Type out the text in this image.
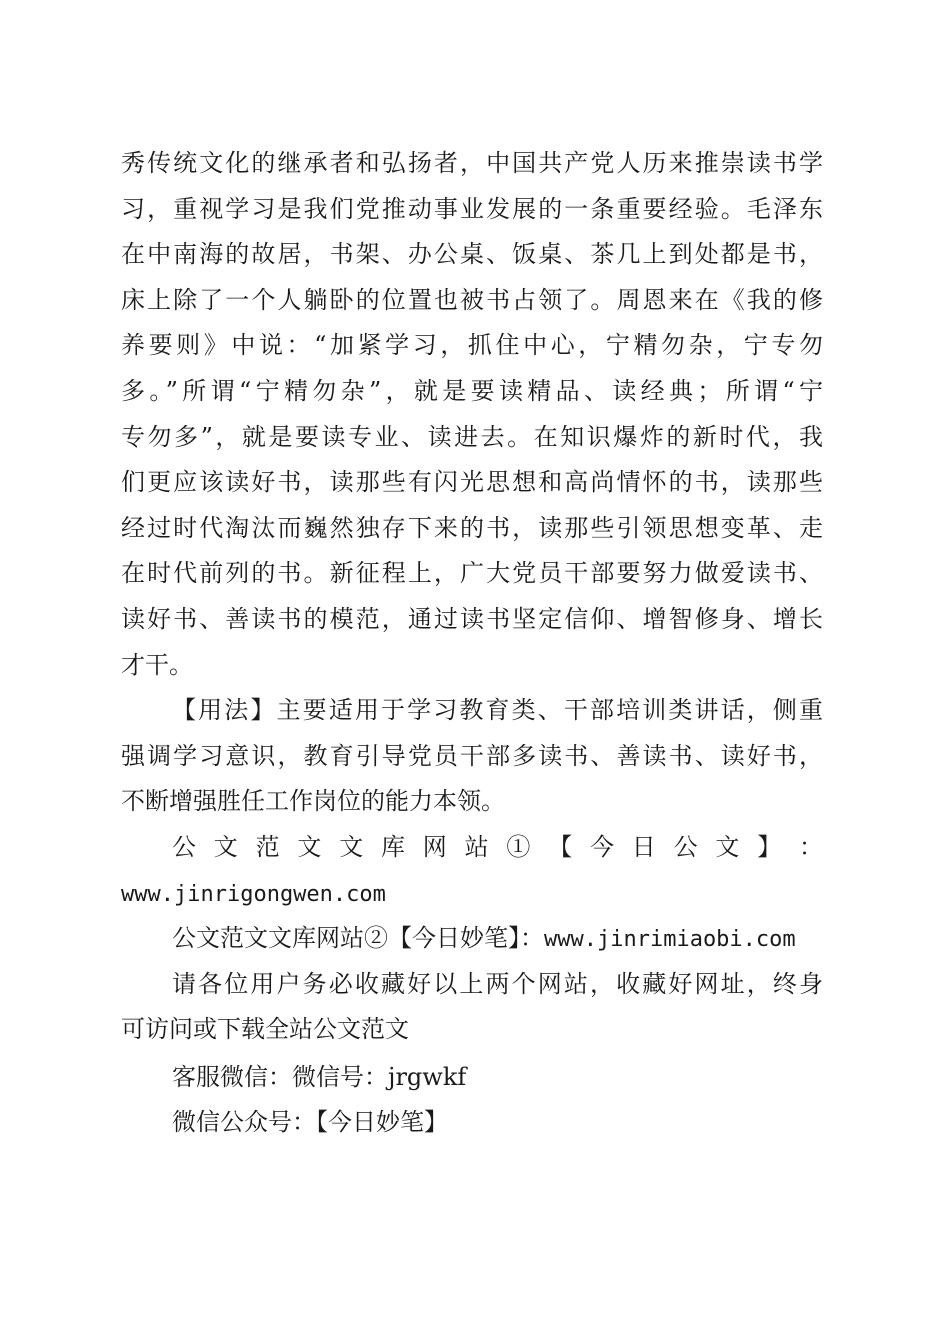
秀传统文化的继承者和弘扬者，中国共产党人历来推崇读书学
习，重视学习是我们党推动事业发展的一条重要经验。毛泽东
在中南海的故居，书架、办公桌、饭桌、茶几上到处都是书，
床上除了一个人躺卧的位置也被书占领了。周恩来在《我的修
养要则》中说：“加紧学习，抓住中心，宁精勿杂，宁专勿
多。”所谓“宁精勿杂”，就是要读精品、读经典；所谓“宁
专勿多”，就是要读专业、读进去。在知识爆炸的新时代，我
们更应该读好书，读那些有闪光思想和高尚情怀的书，读那些
经过时代淘汰而巍然独存下来的书，读那些引领思想变革、走
在时代前列的书。新征程上，广大党员干部要努力做爱读书、
读好书、善读书的模范，通过读书坚定信仰、增智修身、增长
才干。
【用法】主要适用于学习教育类、干部培训类讲话，侧重
强调学习意识，教育引导党员干部多读书、善读书、读好书，
不断增强胜任工作岗位的能力本领。
公 文 范 文 文 库 网 站 ① 【 今 日 公 文 】 ：
www.jinrigongwen.com
公文范文文库网站②【今日妙笔】：www.jinrimiaobi.com
请各位用户务必收藏好以上两个网站，收藏好网址，终身
可访问或下载全站公文范文
客服微信：微信号：jrgwkf
微信公众号：【今日妙笔】
